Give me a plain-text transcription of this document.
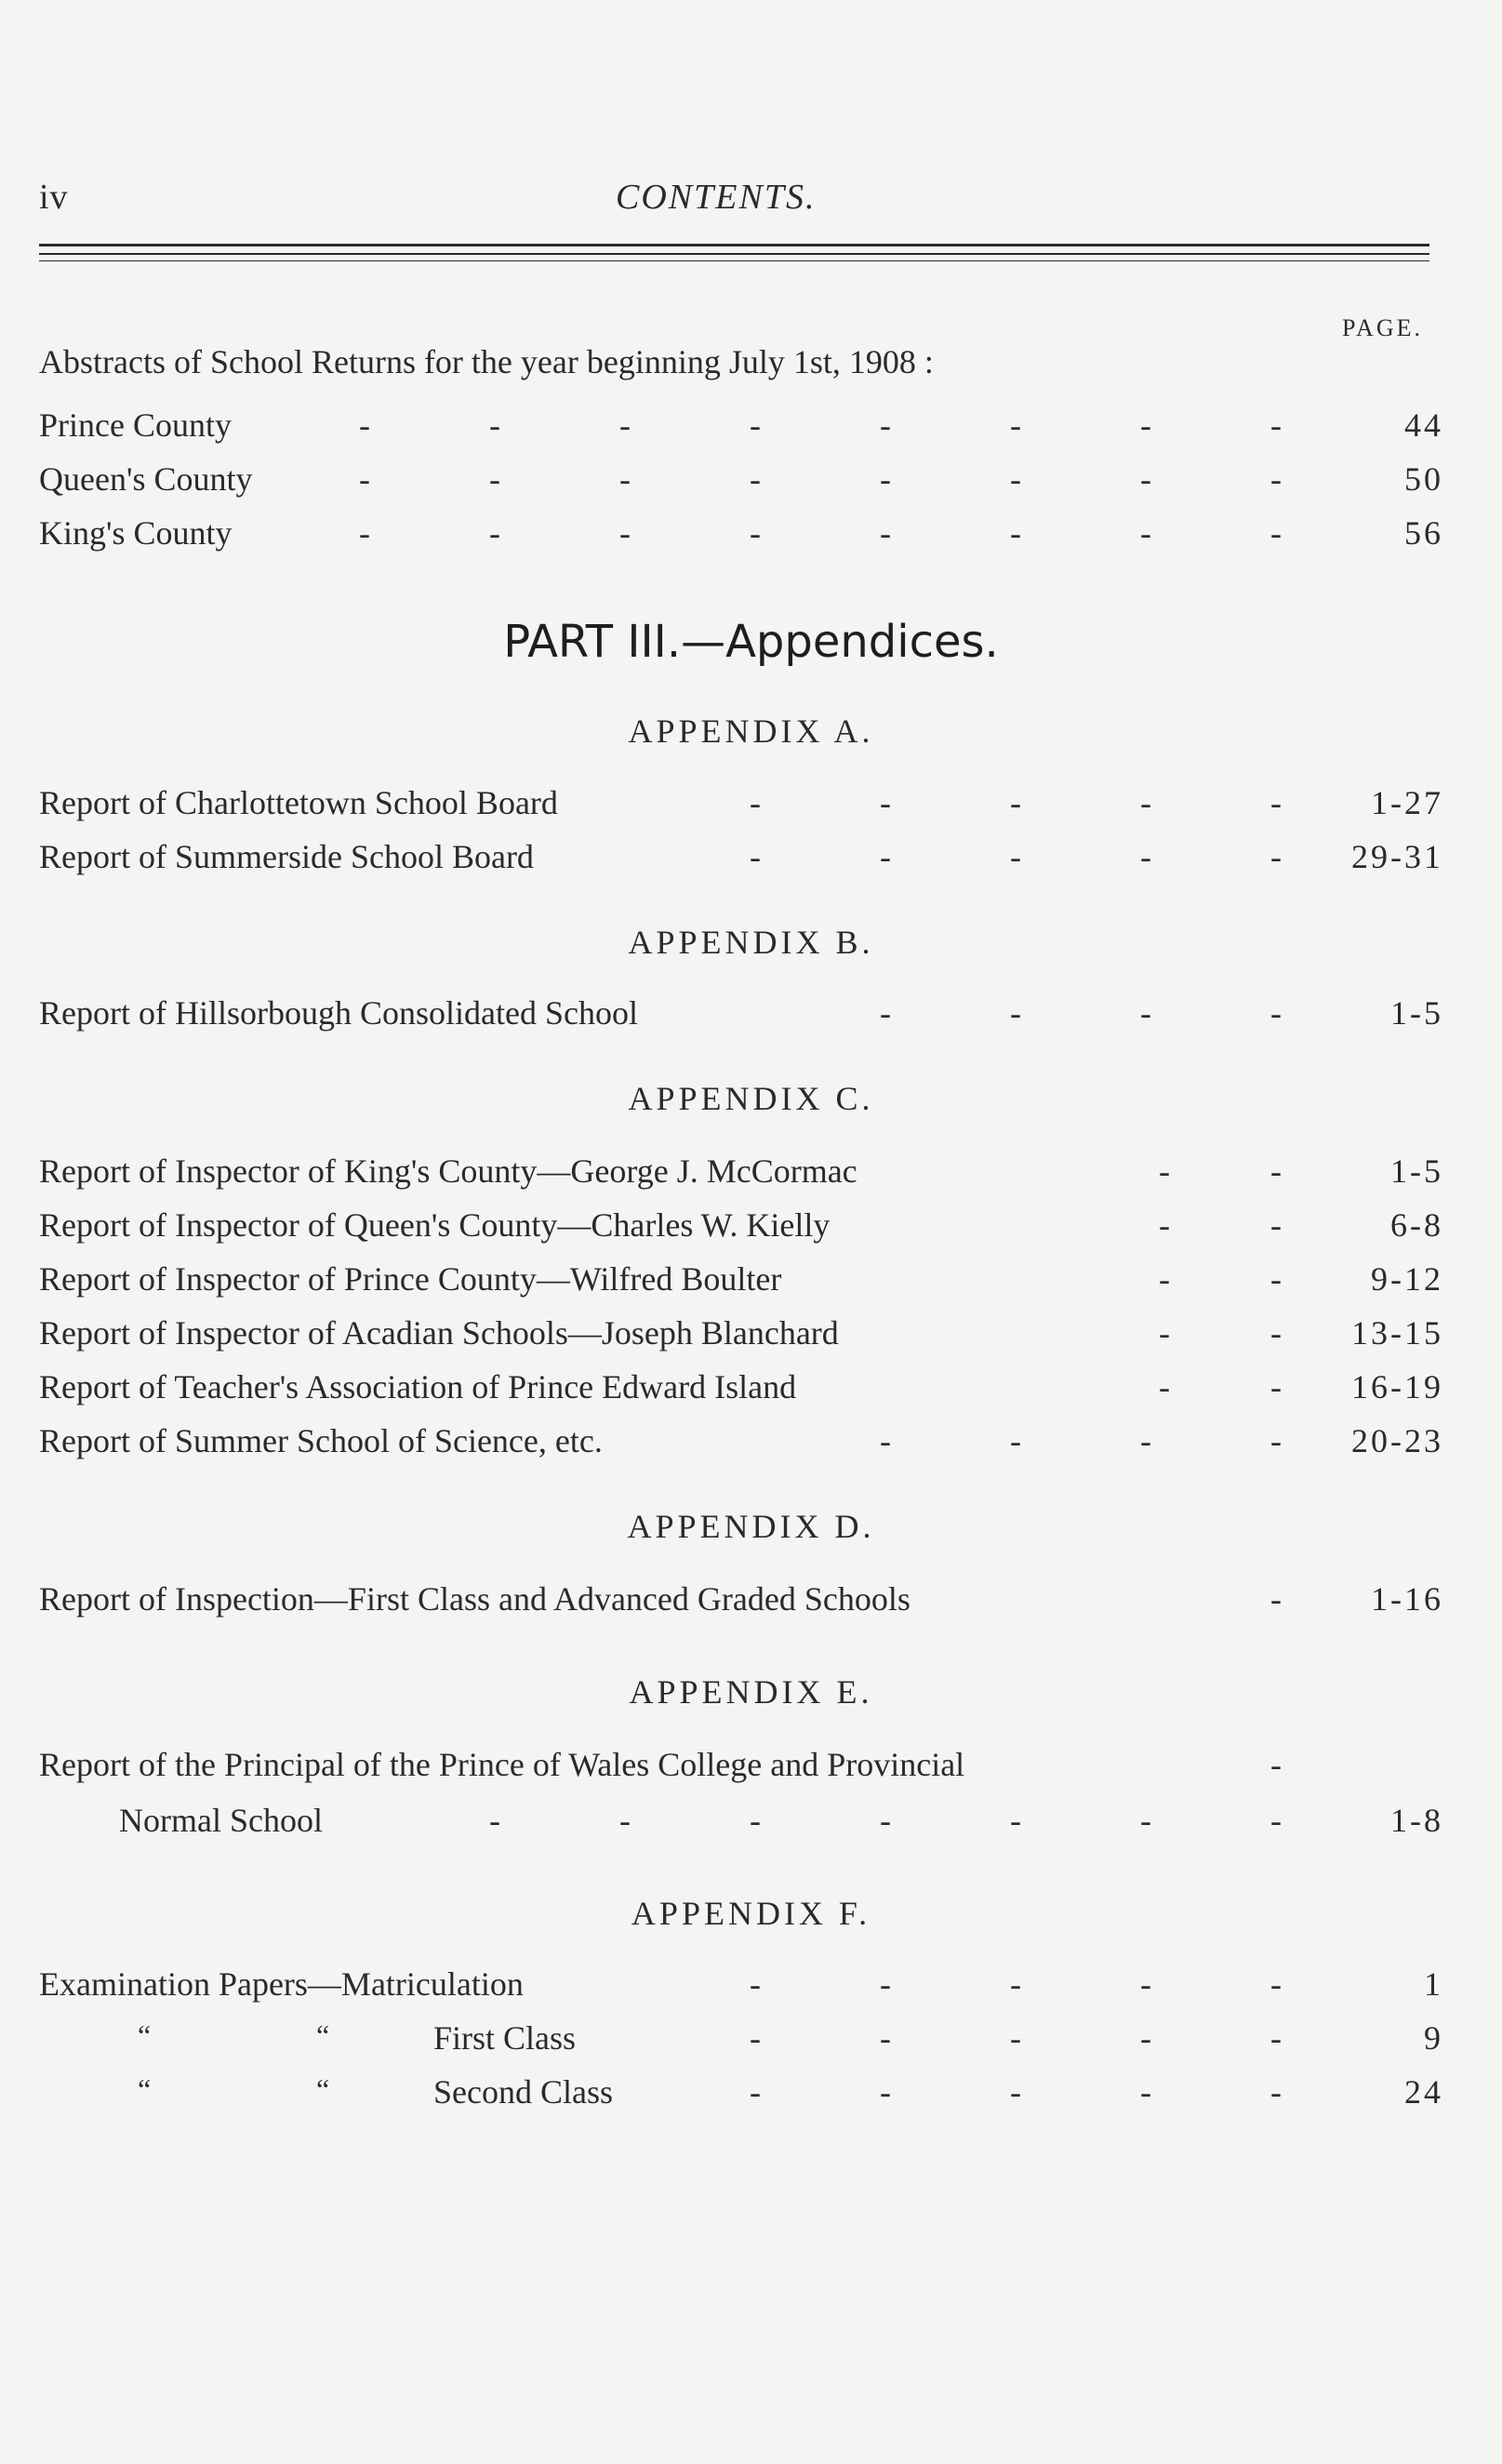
iv	CONTENTS.
PAGE.
Abstracts of School Returns for the year beginning July 1st, 1908 :
Prince County	-	-	-	-	-	-	-	-	44
Queen's County	-	-	-	-	-	-	-	-	50
King's County	-	-	-	-	-	-	-	-	56
PART III.—Appendices.
APPENDIX A.
Report of Charlottetown School Board	-	-	-	-	-	1-27
Report of Summerside School Board	-	-	-	-	- 29-31
APPENDIX B.
Report of Hillsorbough Consolidated School	-	-	-	-	1-5
APPENDIX C.
Report of Inspector of King's County—George J. McCormac	-	-	1-5
Report of Inspector of Queen's County—Charles W. Kielly	-	-	6-8
Report of Inspector of Prince County—Wilfred Boulter	-	-	9-12
Report of Inspector of Acadian Schools—Joseph Blanchard	-	- 13-15
Report of Teacher's Association of Prince Edward Island	-	- 16-19
Report of Summer School of Science, etc.	-	-	-	- 20-23
APPENDIX D.
Report of Inspection—First Class and Advanced Graded Schools	-	1-16
APPENDIX E.
Report of the Principal of the Prince of Wales College and Provincial	-
Normal School	-	-	-	-	-	-	-	1-8
APPENDIX F.
Examination Papers—Matriculation	-	-	-	-	-	1
“	“	First Class	-	-	-	-	-	9
“	“	Second Class	-	-	-	-	-	24
